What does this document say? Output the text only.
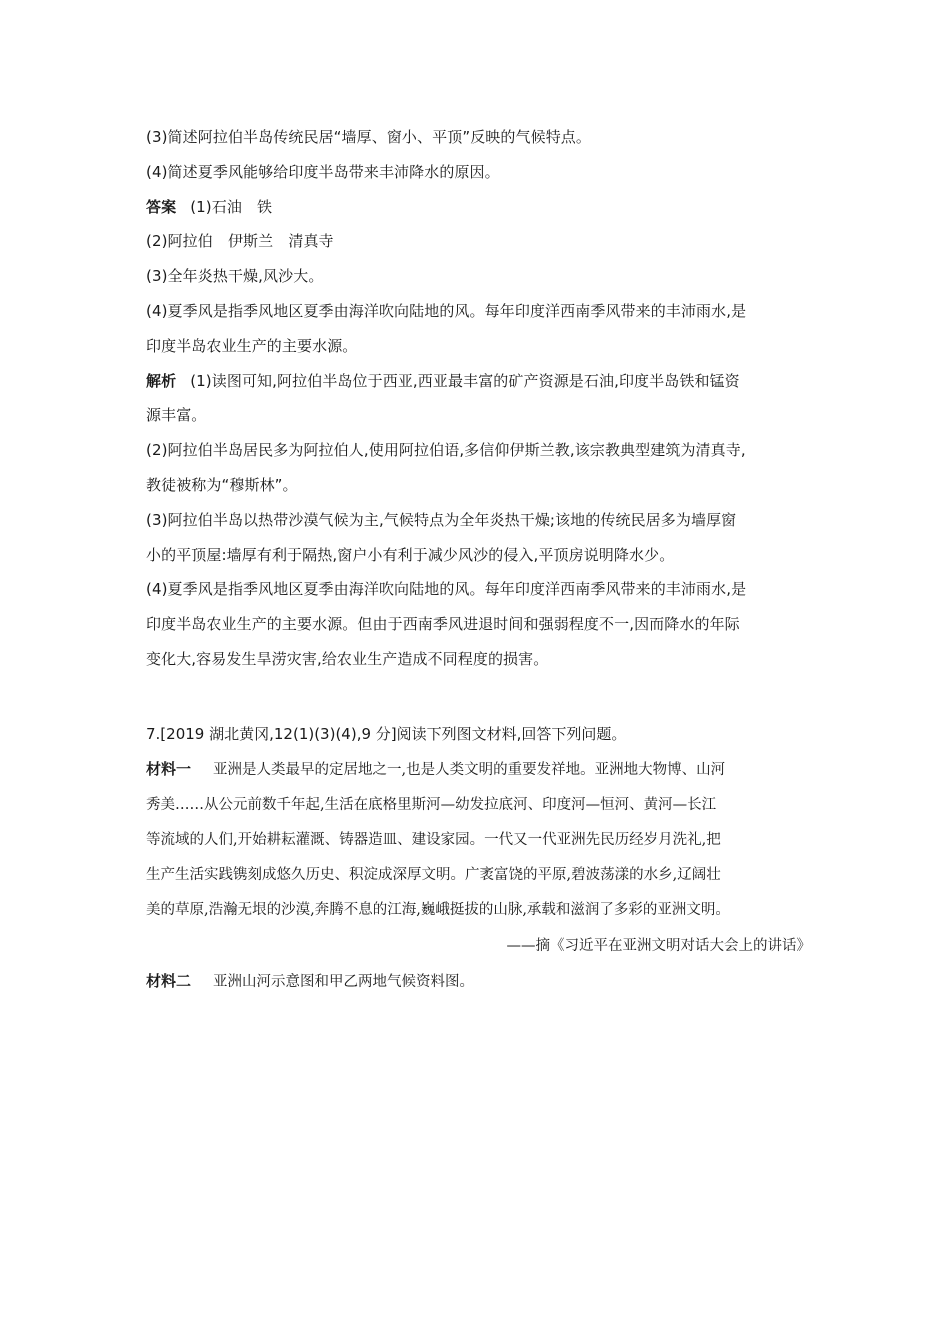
(3)简述阿拉伯半岛传统民居“墙厚、窗小、平顶”反映的气候特点。

(4)简述夏季风能够给印度半岛带来丰沛降水的原因。

答案 (1)石油　铁

(2)阿拉伯　伊斯兰　清真寺

(3)全年炎热干燥,风沙大。

(4)夏季风是指季风地区夏季由海洋吹向陆地的风。每年印度洋西南季风带来的丰沛雨水,是

印度半岛农业生产的主要水源。

解析 (1)读图可知,阿拉伯半岛位于西亚,西亚最丰富的矿产资源是石油,印度半岛铁和锰资

源丰富。

(2)阿拉伯半岛居民多为阿拉伯人,使用阿拉伯语,多信仰伊斯兰教,该宗教典型建筑为清真寺,

教徒被称为“穆斯林”。

(3)阿拉伯半岛以热带沙漠气候为主,气候特点为全年炎热干燥;该地的传统民居多为墙厚窗

小的平顶屋:墙厚有利于隔热,窗户小有利于减少风沙的侵入,平顶房说明降水少。

(4)夏季风是指季风地区夏季由海洋吹向陆地的风。每年印度洋西南季风带来的丰沛雨水,是

印度半岛农业生产的主要水源。但由于西南季风进退时间和强弱程度不一,因而降水的年际

变化大,容易发生旱涝灾害,给农业生产造成不同程度的损害。

7.[2019 湖北黄冈,12(1)(3)(4),9 分]阅读下列图文材料,回答下列问题。

材料一 亚洲是人类最早的定居地之一,也是人类文明的重要发祥地。亚洲地大物博、山河

秀美……从公元前数千年起,生活在底格里斯河—幼发拉底河、印度河—恒河、黄河—长江

等流域的人们,开始耕耘灌溉、铸器造皿、建设家园。一代又一代亚洲先民历经岁月洗礼,把

生产生活实践镌刻成悠久历史、积淀成深厚文明。广袤富饶的平原,碧波荡漾的水乡,辽阔壮

美的草原,浩瀚无垠的沙漠,奔腾不息的江海,巍峨挺拔的山脉,承载和滋润了多彩的亚洲文明。

——摘《习近平在亚洲文明对话大会上的讲话》

材料二 亚洲山河示意图和甲乙两地气候资料图。
